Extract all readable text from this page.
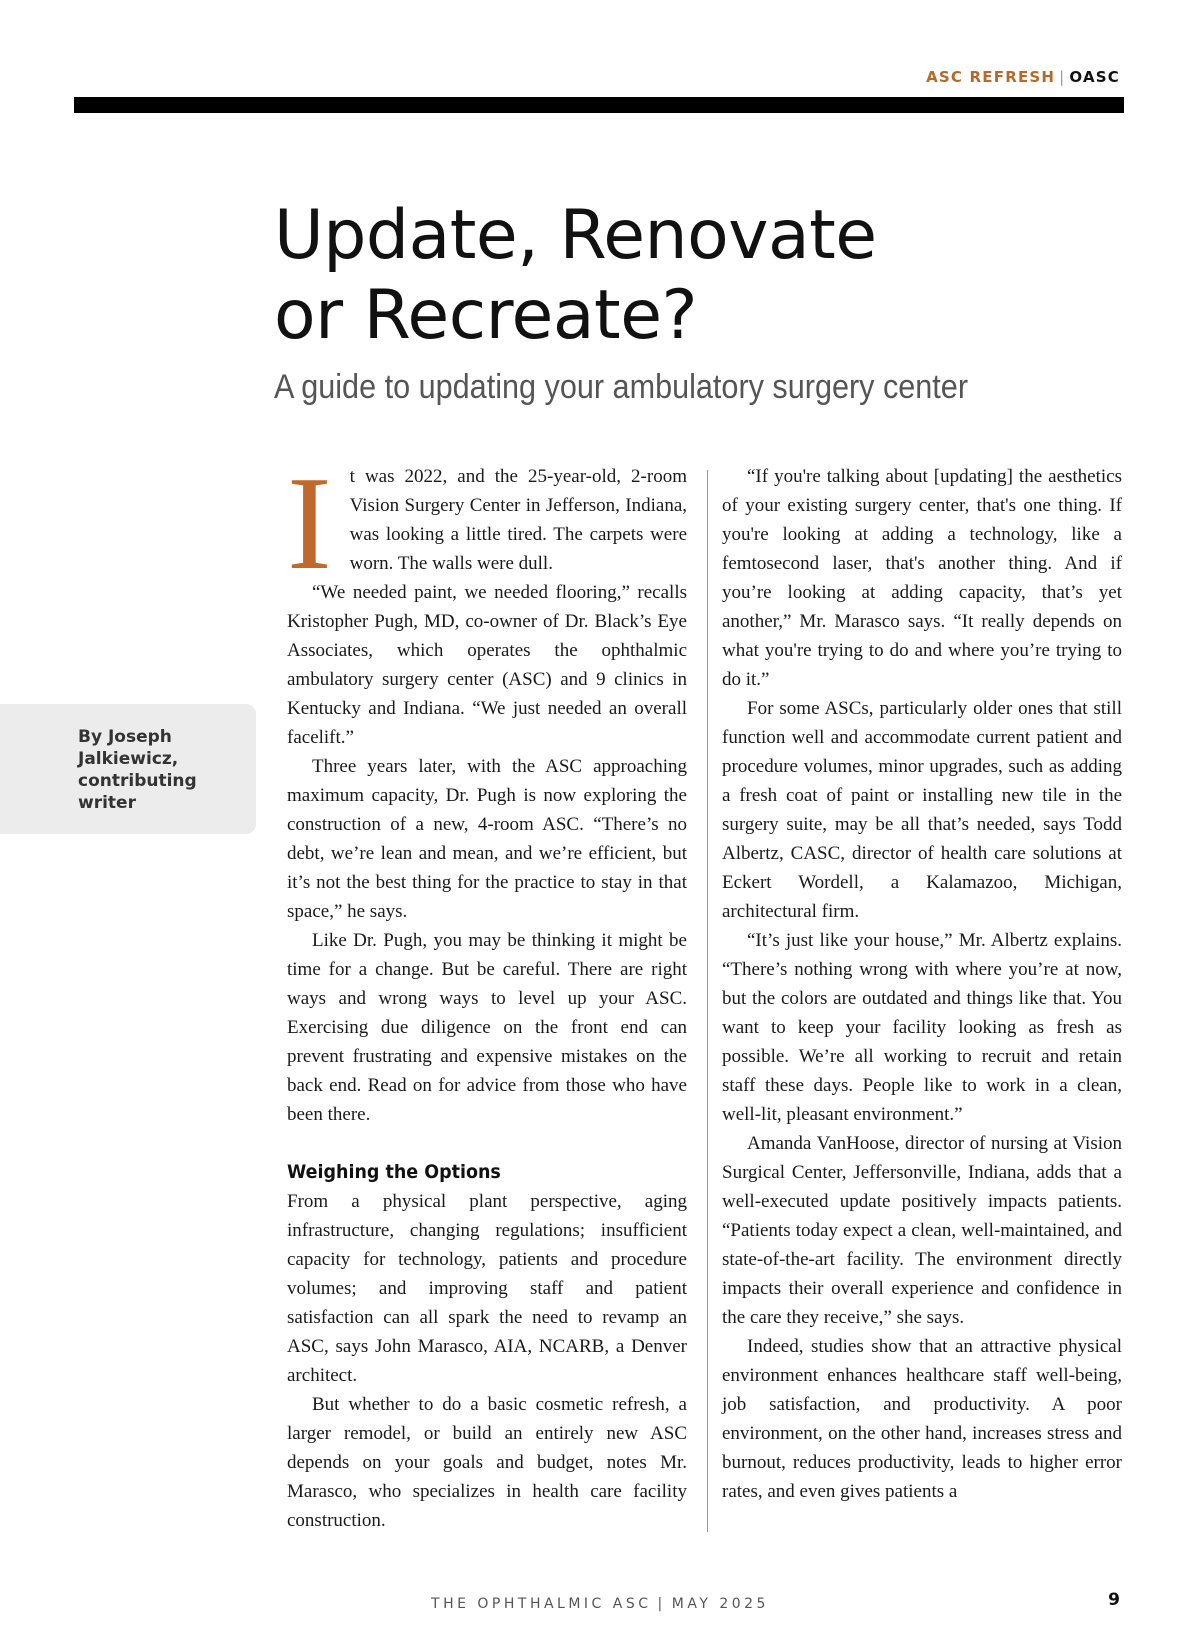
ASC REFRESH | OASC
Update, Renovate
or Recreate?
A guide to updating your ambulatory surgery center
By Joseph Jalkiewicz, contributing writer

It was 2022, and the 25-year-old, 2-room Vision Surgery Center in Jefferson, Indiana, was looking a little tired. The carpets were worn. The walls were dull.

“We needed paint, we needed flooring,” recalls Kristopher Pugh, MD, co-owner of Dr. Black’s Eye Associates, which operates the ophthalmic ambulatory surgery center (ASC) and 9 clinics in Kentucky and Indiana. “We just needed an overall facelift.”

Three years later, with the ASC approaching maximum capacity, Dr. Pugh is now exploring the construction of a new, 4-room ASC. “There’s no debt, we’re lean and mean, and we’re efficient, but it’s not the best thing for the practice to stay in that space,” he says.

Like Dr. Pugh, you may be thinking it might be time for a change. But be careful. There are right ways and wrong ways to level up your ASC. Exercising due diligence on the front end can prevent frustrating and expensive mistakes on the back end. Read on for advice from those who have been there.

Weighing the Options

From a physical plant perspective, aging infrastructure, changing regulations; insufficient capacity for technology, patients and procedure volumes; and improving staff and patient satisfaction can all spark the need to revamp an ASC, says John Marasco, AIA, NCARB, a Denver architect.

But whether to do a basic cosmetic refresh, a larger remodel, or build an entirely new ASC depends on your goals and budget, notes Mr. Marasco, who specializes in health care facility construction.

“If you're talking about [updating] the aesthetics of your existing surgery center, that's one thing. If you're looking at adding a technology, like a femtosecond laser, that's another thing. And if you’re looking at adding capacity, that’s yet another,” Mr. Marasco says. “It really depends on what you're trying to do and where you’re trying to do it.”

For some ASCs, particularly older ones that still function well and accommodate current patient and procedure volumes, minor upgrades, such as adding a fresh coat of paint or installing new tile in the surgery suite, may be all that’s needed, says Todd Albertz, CASC, director of health care solutions at Eckert Wordell, a Kalamazoo, Michigan, architectural firm.

“It’s just like your house,” Mr. Albertz explains. “There’s nothing wrong with where you’re at now, but the colors are outdated and things like that. You want to keep your facility looking as fresh as possible. We’re all working to recruit and retain staff these days. People like to work in a clean, well-lit, pleasant environment.”

Amanda VanHoose, director of nursing at Vision Surgical Center, Jeffersonville, Indiana, adds that a well-executed update positively impacts patients. “Patients today expect a clean, well-maintained, and state-of-the-art facility. The environment directly impacts their overall experience and confidence in the care they receive,” she says.

Indeed, studies show that an attractive physical environment enhances healthcare staff well-being, job satisfaction, and productivity. A poor environment, on the other hand, increases stress and burnout, reduces productivity, leads to higher error rates, and even gives patients a

THE OPHTHALMIC ASC | MAY 2025	9
